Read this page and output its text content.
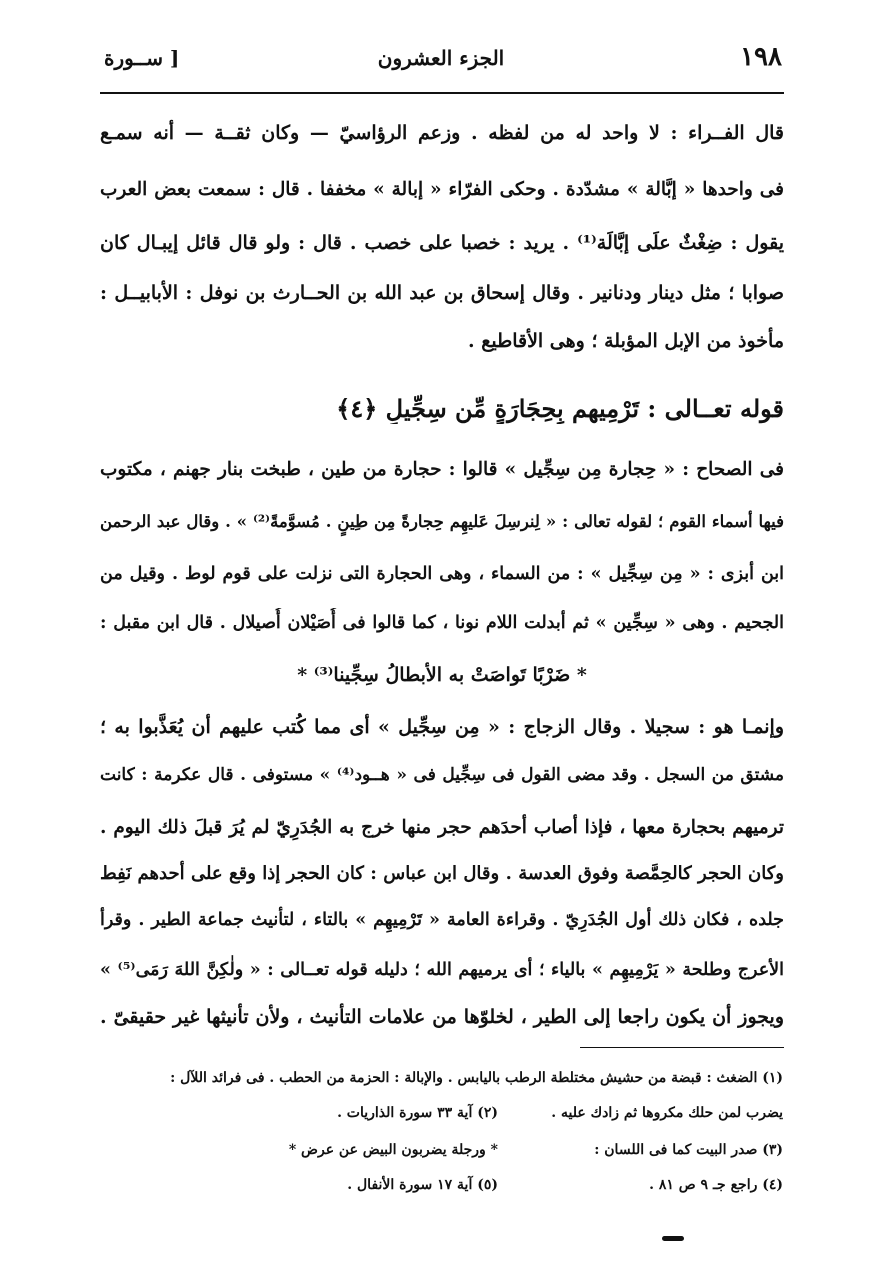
١٩٨
الجزء العشرون
[ ســورة
قال الفــراء : لا واحد له من لفظه . وزعم الرؤاسيّ — وكان ثقــة — أنه سمـع
فى واحدها « إبَّالة » مشدّدة . وحكى الفرّاء « إبالة » مخففا . قال : سمعت بعض العرب
يقول : ضِغْثٌ علَى إبَّالَة⁽¹⁾ . يريد : خصبا على خصب . قال : ولو قال قائل إيبـال كان
صوابا ؛ مثل دينار ودنانير . وقال إسحاق بن عبد الله بن الحــارث بن نوفل : الأبابيــل :
مأخوذ من الإبل المؤبلة ؛ وهى الأقاطيع .
قوله تعــالى : تَرْمِيهِم بِحِجَارَةٍ مِّن سِجِّيلٍ ﴿٤﴾
فى الصحاح : « حِجارة مِن سِجِّيل » قالوا : حجارة من طين ، طبخت بنار جهنم ، مكتوب
فيها أسماء القوم ؛ لقوله تعالى : « لِنرسِلَ عَليهِم حِجارةً مِن طِينٍ . مُسوَّمةً⁽²⁾ » . وقال عبد الرحمن
ابن أبزى : « مِن سِجِّيل » : من السماء ، وهى الحجارة التى نزلت على قوم لوط . وقيل من
الجحيم . وهى « سِجِّين » ثم أبدلت اللام نونا ، كما قالوا فى أُصَيْلان أُصيلال . قال ابن مقبل :
* ضَرْبًا تَواصَتْ به الأبطالُ سِجِّينا⁽³⁾ *
وإنمـا هو : سجيلا . وقال الزجاج : « مِن سِجِّيل » أى مما كُتب عليهم أن يُعَذَّبوا به ؛
مشتق من السجل . وقد مضى القول فى سِجِّيل فى « هــود⁽⁴⁾ » مستوفى . قال عكرمة : كانت
ترميهم بحجارة معها ، فإذا أصاب أحدَهم حجر منها خرج به الجُدَرِيّ لم يُرَ قبلَ ذلك اليوم .
وكان الحجر كالحِمَّصة وفوق العدسة . وقال ابن عباس : كان الحجر إذا وقع على أحدهم نَفِط
جلده ، فكان ذلك أول الجُدَرِيّ . وقراءة العامة « تَرْمِيهِم » بالتاء ، لتأنيث جماعة الطير . وقرأ
الأعرج وطلحة « يَرْمِيهِم » بالياء ؛ أى يرميهم الله ؛ دليله قوله تعــالى : « ولٰكِنَّ اللهَ رَمَى⁽⁵⁾ »
ويجوز أن يكون راجعا إلى الطير ، لخلوّها من علامات التأنيث ، ولأن تأنيثها غير حقيقىّ .
(١) الضغث : قبضة من حشيش مختلطة الرطب باليابس . والإبالة : الحزمة من الحطب . فى فرائد اللآل :
يضرب لمن حلك مكروها ثم زادك عليه .
(٢) آية ٣٣ سورة الذاريات .
(٣) صدر البيت كما فى اللسان :
* ورجلة يضربون البيض عن عرض *
(٤) راجع جـ ٩ ص ٨١ .
(٥) آية ١٧ سورة الأنفال .
